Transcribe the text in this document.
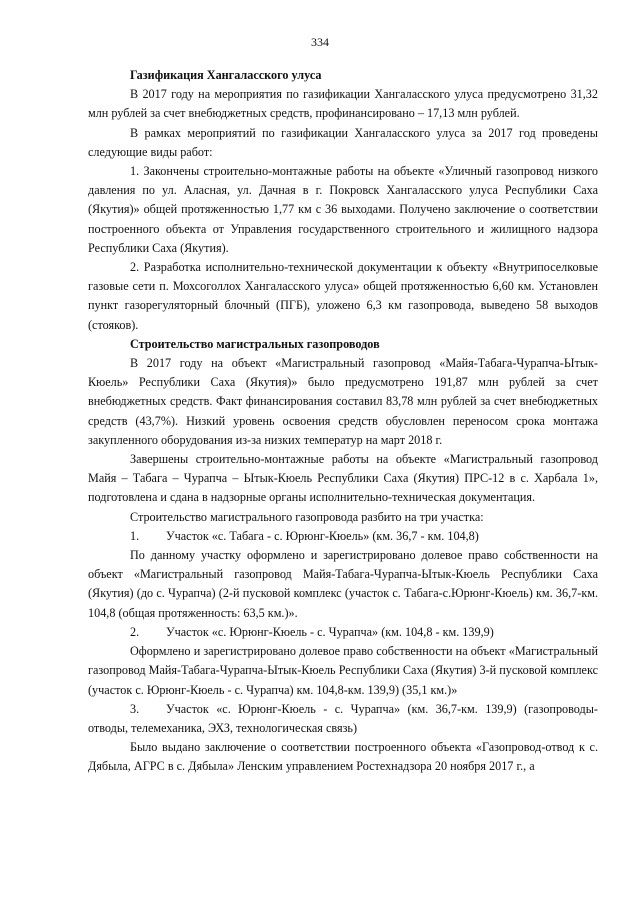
334

Газификация Хангаласского улуса

В 2017 году на мероприятия по газификации Хангаласского улуса предусмотрено 31,32 млн рублей за счет внебюджетных средств, профинансировано – 17,13 млн рублей.

В рамках мероприятий по газификации Хангаласского улуса за 2017 год проведены следующие виды работ:

1. Закончены строительно-монтажные работы на объекте «Уличный газопровод низкого давления по ул. Аласная, ул. Дачная в г. Покровск Хангаласского улуса Республики Саха (Якутия)» общей протяженностью 1,77 км с 36 выходами. Получено заключение о соответствии построенного объекта от Управления государственного строительного и жилищного надзора Республики Саха (Якутия).

2. Разработка исполнительно-технической документации к объекту «Внутрипоселковые газовые сети п. Мохсоголлох Хангаласского улуса» общей протяженностью 6,60 км. Установлен пункт газорегуляторный блочный (ПГБ), уложено 6,3 км газопровода, выведено 58 выходов (стояков).

Строительство магистральных газопроводов

В 2017 году на объект «Магистральный газопровод «Майя-Табага-Чурапча-Ытык-Кюель» Республики Саха (Якутия)» было предусмотрено 191,87 млн рублей за счет внебюджетных средств. Факт финансирования составил 83,78 млн рублей за счет внебюджетных средств (43,7%). Низкий уровень освоения средств обусловлен переносом срока монтажа закупленного оборудования из-за низких температур на март 2018 г.

Завершены строительно-монтажные работы на объекте «Магистральный газопровод Майя – Табага – Чурапча – Ытык-Кюель Республики Саха (Якутия) ПРС-12 в с. Харбала 1», подготовлена и сдана в надзорные органы исполнительно-техническая документация.

Строительство магистрального газопровода разбито на три участка:

1. Участок «с. Табага - с. Юрюнг-Кюель» (км. 36,7 - км. 104,8)

По данному участку оформлено и зарегистрировано долевое право собственности на объект «Магистральный газопровод Майя-Табага-Чурапча-Ытык-Кюель Республики Саха (Якутия) (до с. Чурапча) (2-й пусковой комплекс (участок с. Табага-с.Юрюнг-Кюель) км. 36,7-км. 104,8 (общая протяженность: 63,5 км.)».

2. Участок «с. Юрюнг-Кюель - с. Чурапча» (км. 104,8 - км. 139,9)

Оформлено и зарегистрировано долевое право собственности на объект «Магистральный газопровод Майя-Табага-Чурапча-Ытык-Кюель Республики Саха (Якутия) 3-й пусковой комплекс (участок с. Юрюнг-Кюель - с. Чурапча) км. 104,8-км. 139,9) (35,1 км.)»

3. Участок «с. Юрюнг-Кюель - с. Чурапча» (км. 36,7-км. 139,9) (газопроводы-отводы, телемеханика, ЭХЗ, технологическая связь)

Было выдано заключение о соответствии построенного объекта «Газопровод-отвод к с. Дябыла, АГРС в с. Дябыла» Ленским управлением Ростехнадзора 20 ноября 2017 г., а
